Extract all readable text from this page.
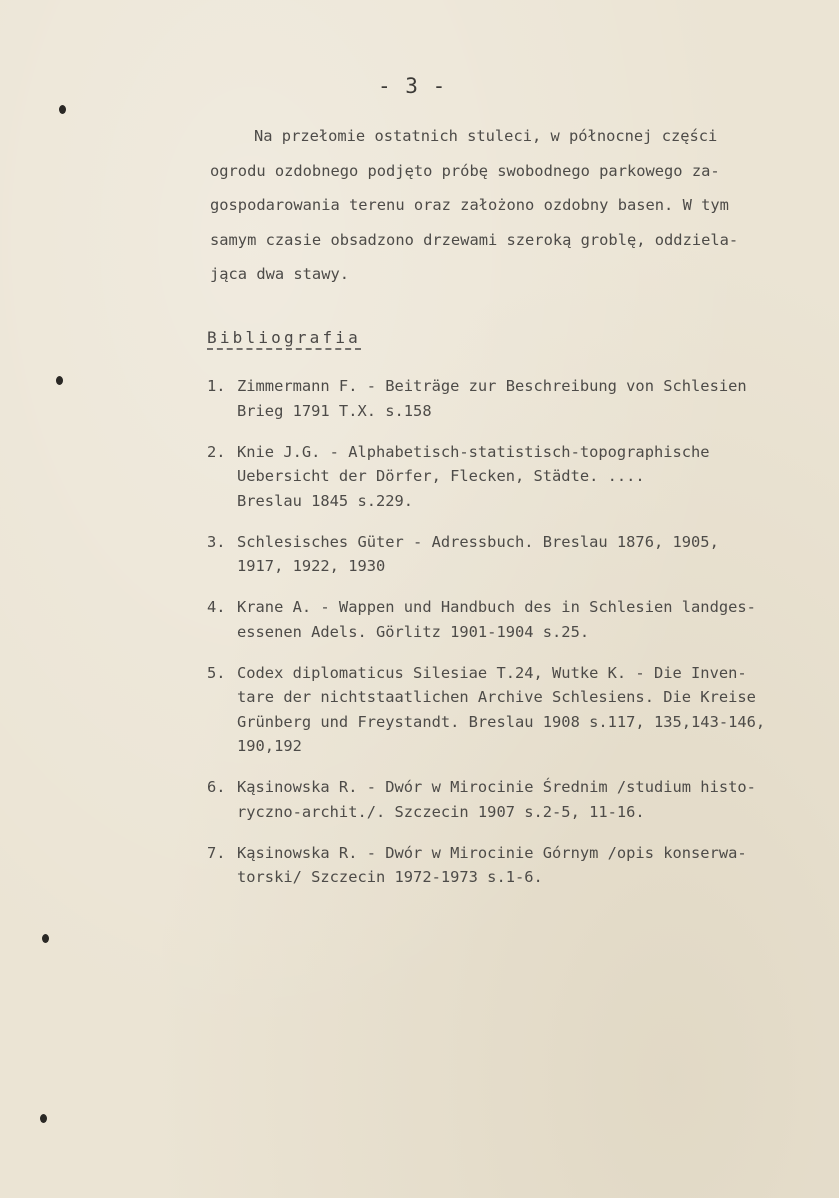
- 3 -
Na przełomie ostatnich stuleci, w północnej części
ogrodu ozdobnego podjęto próbę swobodnego parkowego za-
gospodarowania terenu oraz założono ozdobny basen. W tym
samym czasie obsadzono drzewami szeroką groblę, oddziela-
jąca dwa stawy.
Bibliografia
1. Zimmermann F. - Beiträge zur Beschreibung von Schlesien
Brieg 1791 T.X. s.158
2. Knie J.G. - Alphabetisch-statistisch-topographische
Uebersicht der Dörfer, Flecken, Städte. ....
Breslau 1845 s.229.
3. Schlesisches Güter - Adressbuch. Breslau 1876, 1905,
1917, 1922, 1930
4. Krane A. - Wappen und Handbuch des in Schlesien landges-
essenen Adels. Görlitz 1901-1904 s.25.
5. Codex diplomaticus Silesiae T.24, Wutke K. - Die Inven-
tare der nichtstaatlichen Archive Schlesiens. Die Kreise
Grünberg und Freystandt. Breslau 1908 s.117, 135,143-146,
190,192
6. Kąsinowska R. - Dwór w Mirocinie Średnim /studium histo-
ryczno-archit./. Szczecin 1907 s.2-5, 11-16.
7. Kąsinowska R. - Dwór w Mirocinie Górnym /opis konserwa-
torski/ Szczecin 1972-1973 s.1-6.
